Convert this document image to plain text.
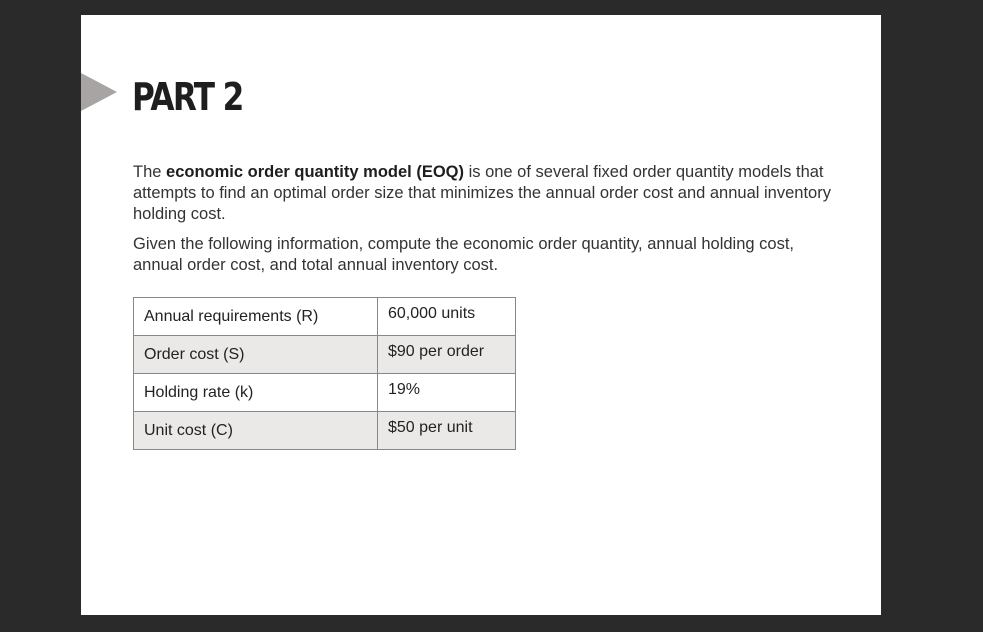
PART 2

The economic order quantity model (EOQ) is one of several fixed order quantity models that attempts to find an optimal order size that minimizes the annual order cost and annual inventory holding cost.

Given the following information, compute the economic order quantity, annual holding cost, annual order cost, and total annual inventory cost.

Annual requirements (R)	60,000 units
Order cost (S)	$90 per order
Holding rate (k)	19%
Unit cost (C)	$50 per unit
